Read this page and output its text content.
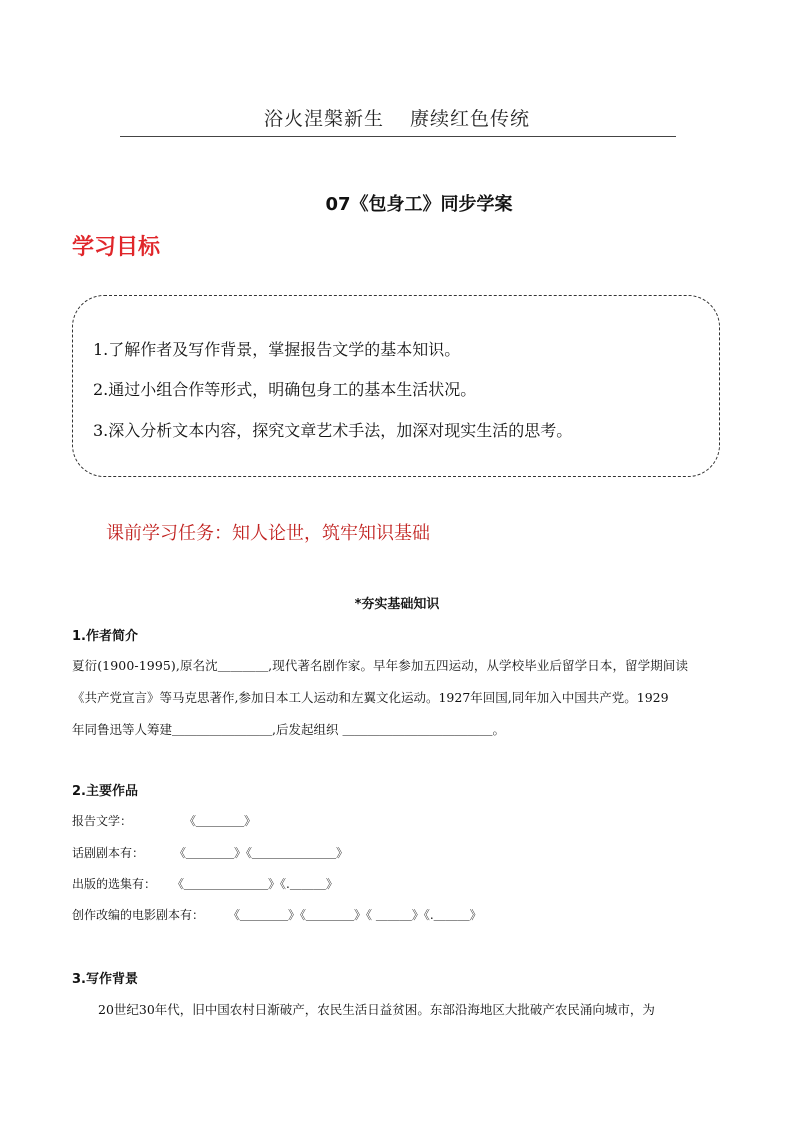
浴火涅槃新生 赓续红色传统
07《包身工》同步学案
学习目标
1.了解作者及写作背景，掌握报告文学的基本知识。
2.通过小组合作等形式，明确包身工的基本生活状况。
3.深入分析文本内容，探究文章艺术手法，加深对现实生活的思考。
课前学习任务：知人论世，筑牢知识基础
*夯实基础知识
1.作者简介
夏衍(1900-1995),原名沈＿＿＿＿,现代著名剧作家。早年参加五四运动，从学校毕业后留学日本，留学期间读
《共产党宣言》等马克思著作,参加日本工人运动和左翼文化运动。1927年回国,同年加入中国共产党。1929
年同鲁迅等人筹建＿＿＿＿＿＿＿＿,后发起组织 ＿＿＿＿＿＿＿＿＿＿＿＿。
2.主要作品
报告文学：	《＿＿＿＿》
话剧剧本有： 《＿＿＿＿》《＿＿＿＿＿＿＿》
出版的选集有： 《＿＿＿＿＿＿＿》《.＿＿＿》
创作改编的电影剧本有： 《＿＿＿＿》《＿＿＿＿》《 ＿＿＿》《.＿＿＿》
3.写作背景
20世纪30年代，旧中国农村日渐破产，农民生活日益贫困。东部沿海地区大批破产农民涌向城市，为
